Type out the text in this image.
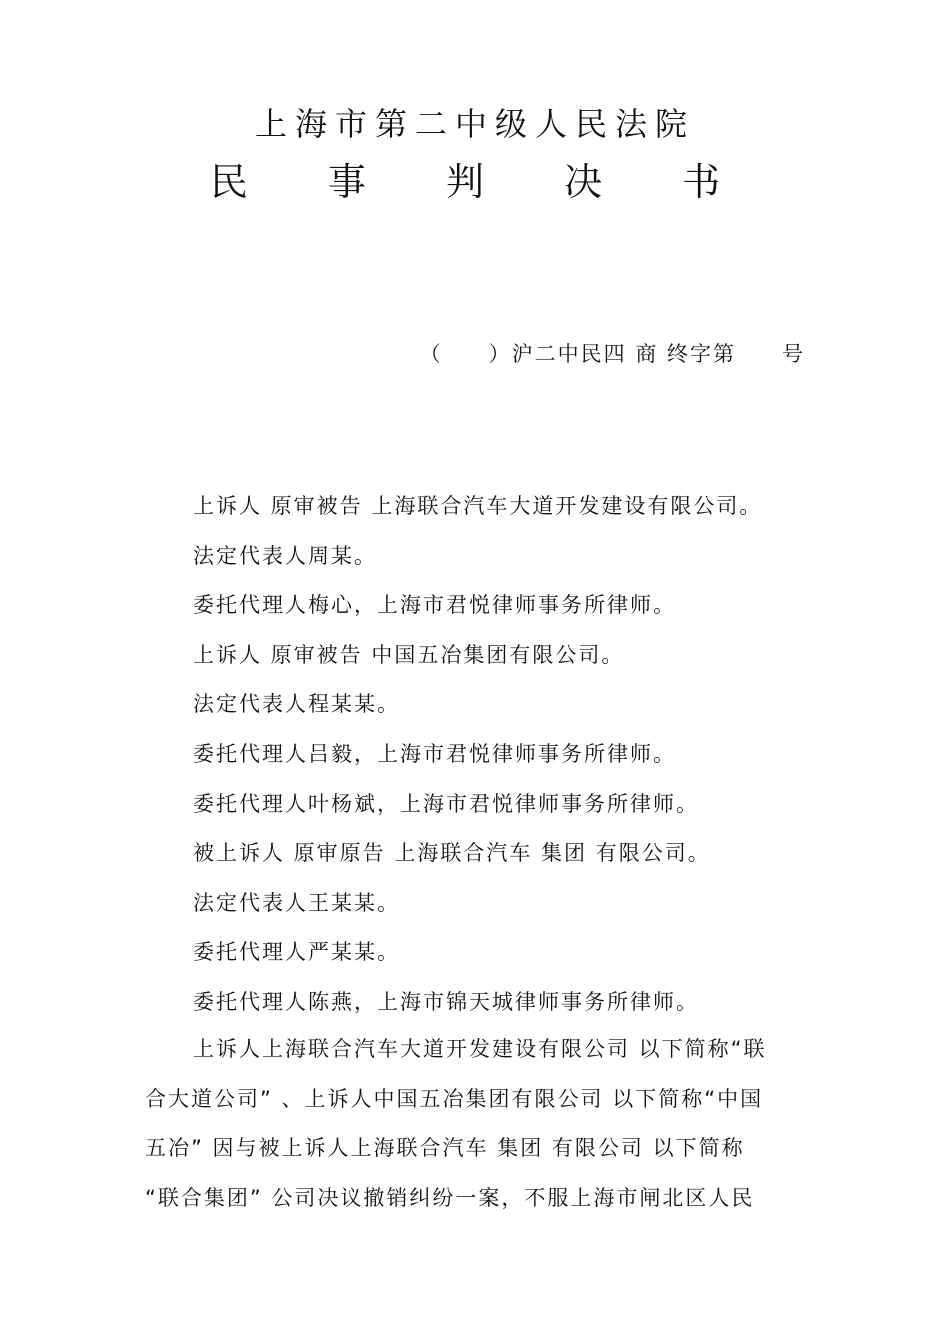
上海市第二中级人民法院
民 事 判 决 书
（　　）沪二中民四 商 终字第　　号
上诉人 原审被告 上海联合汽车大道开发建设有限公司。
法定代表人周某。
委托代理人梅心，上海市君悦律师事务所律师。
上诉人 原审被告 中国五冶集团有限公司。
法定代表人程某某。
委托代理人吕毅，上海市君悦律师事务所律师。
委托代理人叶杨斌，上海市君悦律师事务所律师。
被上诉人 原审原告 上海联合汽车 集团 有限公司。
法定代表人王某某。
委托代理人严某某。
委托代理人陈燕，上海市锦天城律师事务所律师。
上诉人上海联合汽车大道开发建设有限公司 以下简称“联
合大道公司” 、上诉人中国五冶集团有限公司 以下简称“中国
五冶” 因与被上诉人上海联合汽车 集团 有限公司 以下简称
“联合集团” 公司决议撤销纠纷一案，不服上海市闸北区人民
